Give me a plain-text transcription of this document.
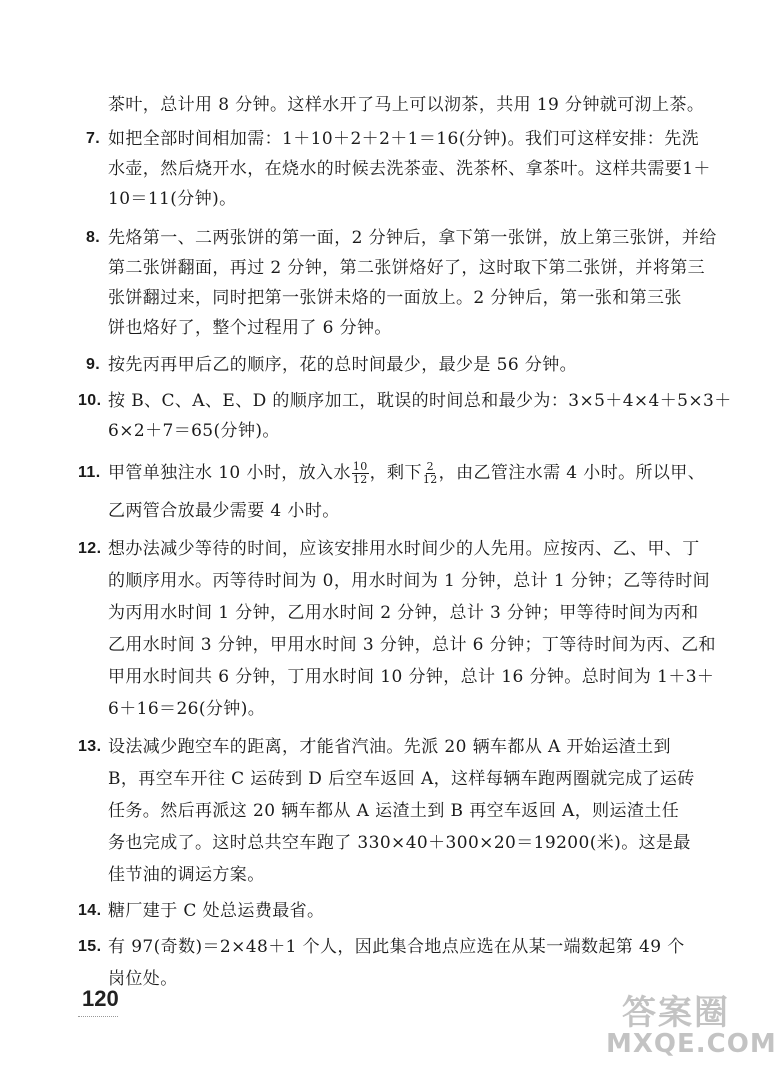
茶叶，总计用 8 分钟。这样水开了马上可以沏茶，共用 19 分钟就可沏上茶。
7. 如把全部时间相加需：1＋10＋2＋2＋1＝16(分钟)。我们可这样安排：先洗
水壶，然后烧开水，在烧水的时候去洗茶壶、洗茶杯、拿茶叶。这样共需要1＋
10＝11(分钟)。
8. 先烙第一、二两张饼的第一面，2 分钟后，拿下第一张饼，放上第三张饼，并给
第二张饼翻面，再过 2 分钟，第二张饼烙好了，这时取下第二张饼，并将第三
张饼翻过来，同时把第一张饼未烙的一面放上。2 分钟后，第一张和第三张
饼也烙好了，整个过程用了 6 分钟。
9. 按先丙再甲后乙的顺序，花的总时间最少，最少是 56 分钟。
10. 按 B、C、A、E、D 的顺序加工，耽误的时间总和最少为：3×5＋4×4＋5×3＋
6×2＋7＝65(分钟)。
11. 甲管单独注水 10 小时，放入水 $\frac{10}{12}$ ，剩下 $\frac{2}{12}$ ，由乙管注水需 4 小时。所以甲、
乙两管合放最少需要 4 小时。
12. 想办法减少等待的时间，应该安排用水时间少的人先用。应按丙、乙、甲、丁
的顺序用水。丙等待时间为 0，用水时间为 1 分钟，总计 1 分钟；乙等待时间
为丙用水时间 1 分钟，乙用水时间 2 分钟，总计 3 分钟；甲等待时间为丙和
乙用水时间 3 分钟，甲用水时间 3 分钟，总计 6 分钟；丁等待时间为丙、乙和
甲用水时间共 6 分钟，丁用水时间 10 分钟，总计 16 分钟。总时间为 1＋3＋
6＋16＝26(分钟)。
13. 设法减少跑空车的距离，才能省汽油。先派 20 辆车都从 A 开始运渣土到
B，再空车开往 C 运砖到 D 后空车返回 A，这样每辆车跑两圈就完成了运砖
任务。然后再派这 20 辆车都从 A 运渣土到 B 再空车返回 A，则运渣土任
务也完成了。这时总共空车跑了 330×40＋300×20＝19200(米)。这是最
佳节油的调运方案。
14. 糖厂建于 C 处总运费最省。
15. 有 97(奇数)＝2×48＋1 个人，因此集合地点应选在从某一端数起第 49 个
岗位处。
120	答案圈
MXQE.COM
